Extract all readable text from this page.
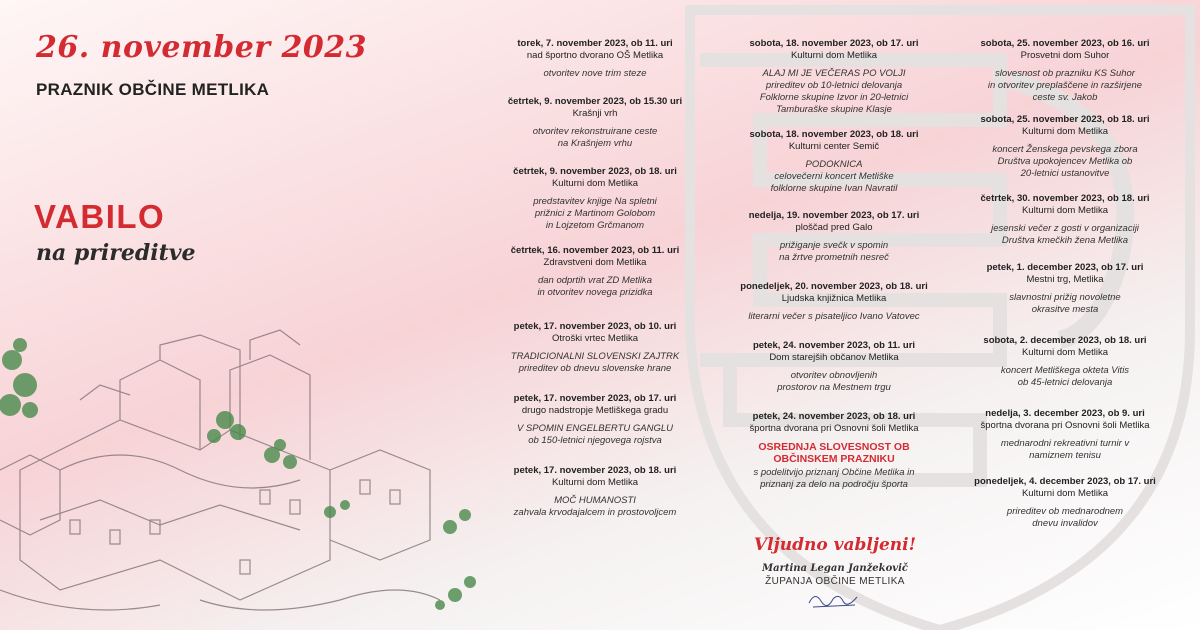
26. november 2023
PRAZNIK OBČINE METLIKA
VABILO
na prireditve
torek, 7. november 2023, ob 11. uri
nad športno dvorano OŠ Metlika
otvoritev nove trim steze
četrtek, 9. november 2023, ob 15.30 uri
Krašnji vrh
otvoritev rekonstruirane ceste
na Krašnjem vrhu
četrtek, 9. november 2023, ob 18. uri
Kulturni dom Metlika
predstavitev knjige Na spletni
prižnici z Martinom Golobom
in Lojzetom Grčmanom
četrtek, 16. november 2023, ob 11. uri
Zdravstveni dom Metlika
dan odprtih vrat ZD Metlika
in otvoritev novega prizidka
petek, 17. november 2023, ob 10. uri
Otroški vrtec Metlika
TRADICIONALNI SLOVENSKI ZAJTRK
prireditev ob dnevu slovenske hrane
petek, 17. november 2023, ob 17. uri
drugo nadstropje Metliškega gradu
V SPOMIN ENGELBERTU GANGLU
ob 150-letnici njegovega rojstva
petek, 17. november 2023, ob 18. uri
Kulturni dom Metlika
MOČ HUMANOSTI
zahvala krvodajalcem in prostovoljcem
sobota, 18. november 2023, ob 17. uri
Kulturni dom Metlika
ALAJ MI JE VEČERAS PO VOLJI
prireditev ob 10-letnici delovanja
Folklorne skupine Izvor in 20-letnici
Tamburaške skupine Klasje
sobota, 18. november 2023, ob 18. uri
Kulturni center Semič
PODOKNICA
celovečerni koncert Metliške
folklorne skupine Ivan Navratil
nedelja, 19. november 2023, ob 17. uri
ploščad pred Galo
prižiganje svečk v spomin
na žrtve prometnih nesreč
ponedeljek, 20. november 2023, ob 18. uri
Ljudska knjižnica Metlika
literarni večer s pisateljico Ivano Vatovec
petek, 24. november 2023, ob 11. uri
Dom starejših občanov Metlika
otvoritev obnovljenih
prostorov na Mestnem trgu
petek, 24. november 2023, ob 18. uri
športna dvorana pri Osnovni šoli Metlika
OSREDNJA SLOVESNOST OB
OBČINSKEM PRAZNIKU
s podelitvijo priznanj Občine Metlika in
priznanj za delo na področju športa
sobota, 25. november 2023, ob 16. uri
Prosvetni dom Suhor
slovesnost ob prazniku KS Suhor
in otvoritev preplaščene in razširjene
ceste sv. Jakob
sobota, 25. november 2023, ob 18. uri
Kulturni dom Metlika
koncert Ženskega pevskega zbora
Društva upokojencev Metlika ob
20-letnici ustanovitve
četrtek, 30. november 2023, ob 18. uri
Kulturni dom Metlika
jesenski večer z gosti v organizaciji
Društva kmečkih žena Metlika
petek, 1. december 2023, ob 17. uri
Mestni trg, Metlika
slavnostni prižig novoletne
okrasitve mesta
sobota, 2. december 2023, ob 18. uri
Kulturni dom Metlika
koncert Metliškega okteta Vitis
ob 45-letnici delovanja
nedelja, 3. december 2023, ob 9. uri
športna dvorana pri Osnovni šoli Metlika
mednarodni rekreativni turnir v
namiznem tenisu
ponedeljek, 4. december 2023, ob 17. uri
Kulturni dom Metlika
prireditev ob mednarodnem
dnevu invalidov
Vljudno vabljeni!
Martina Legan Janžekovič
ŽUPANJA OBČINE METLIKA
